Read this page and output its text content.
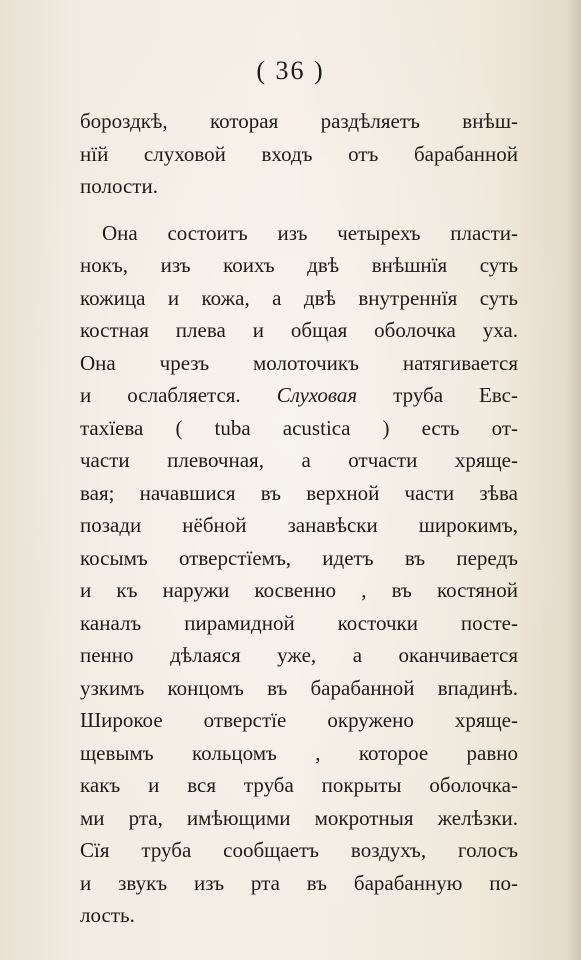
( 36 )
бороздкѣ, которая раздѣляетъ внѣш-
нїй слуховой входъ отъ барабанной
полости.
Она состоитъ изъ четырехъ пласти-
нокъ, изъ коихъ двѣ внѣшнїя суть
кожица и кожа, а двѣ внутреннїя суть
костная плева и общая оболочка уха.
Она чрезъ молоточикъ натягивается
и ослабляется. Слуховая труба Евс-
тахїева ( tuba acustica ) есть от-
части плевочная, а отчасти хряще-
вая; начавшися въ верхной части зѣва
позади нёбной занавѣски широкимъ,
косымъ отверстїемъ, идетъ въ передъ
и къ наружи косвенно , въ костяной
каналъ пирамидной косточки посте-
пенно дѣлаяся уже, а оканчивается
узкимъ концомъ въ барабанной впадинѣ.
Широкое отверстїе окружено хряще-
щевымъ кольцомъ , которое равно
какъ и вся труба покрыты оболочка-
ми рта, имѣющими мокротныя желѣзки.
Сїя труба сообщаетъ воздухъ, голосъ
и звукъ изъ рта въ барабанную по-
лость.
